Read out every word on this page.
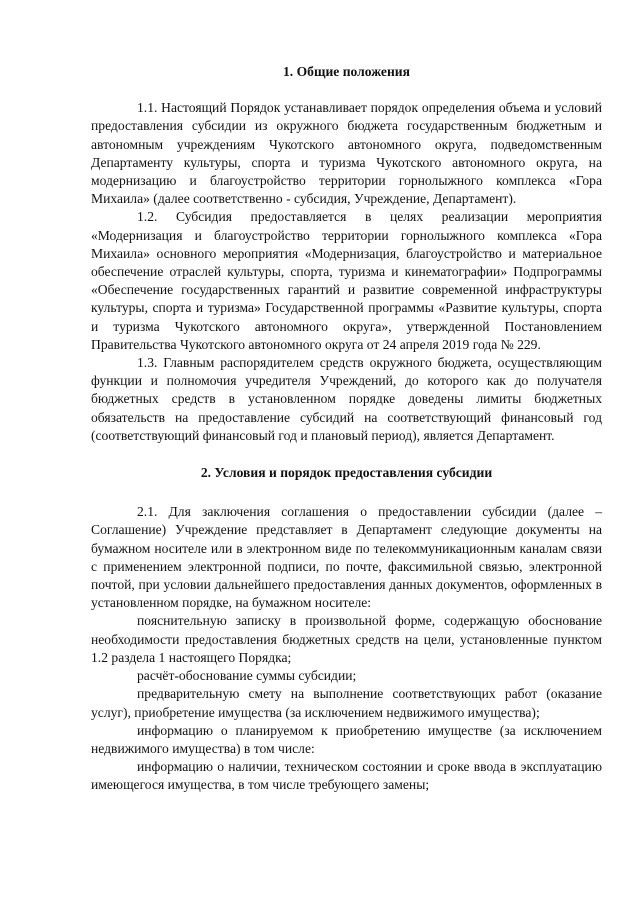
1. Общие положения

1.1. Настоящий Порядок устанавливает порядок определения объема и условий предоставления субсидии из окружного бюджета государственным бюджетным и автономным учреждениям Чукотского автономного округа, подведомственным Департаменту культуры, спорта и туризма Чукотского автономного округа, на модернизацию и благоустройство территории горнолыжного комплекса «Гора Михаила» (далее соответственно - субсидия, Учреждение, Департамент).

1.2. Субсидия предоставляется в целях реализации мероприятия «Модернизация и благоустройство территории горнолыжного комплекса «Гора Михаила» основного мероприятия «Модернизация, благоустройство и материальное обеспечение отраслей культуры, спорта, туризма и кинематографии» Подпрограммы «Обеспечение государственных гарантий и развитие современной инфраструктуры культуры, спорта и туризма» Государственной программы «Развитие культуры, спорта и туризма Чукотского автономного округа», утвержденной Постановлением Правительства Чукотского автономного округа от 24 апреля 2019 года № 229.

1.3. Главным распорядителем средств окружного бюджета, осуществляющим функции и полномочия учредителя Учреждений, до которого как до получателя бюджетных средств в установленном порядке доведены лимиты бюджетных обязательств на предоставление субсидий на соответствующий финансовый год (соответствующий финансовый год и плановый период), является Департамент.

2. Условия и порядок предоставления субсидии

2.1. Для заключения соглашения о предоставлении субсидии (далее – Соглашение) Учреждение представляет в Департамент следующие документы на бумажном носителе или в электронном виде по телекоммуникационным каналам связи с применением электронной подписи, по почте, факсимильной связью, электронной почтой, при условии дальнейшего предоставления данных документов, оформленных в установленном порядке, на бумажном носителе:

пояснительную записку в произвольной форме, содержащую обоснование необходимости предоставления бюджетных средств на цели, установленные пунктом 1.2 раздела 1 настоящего Порядка;

расчёт-обоснование суммы субсидии;

предварительную смету на выполнение соответствующих работ (оказание услуг), приобретение имущества (за исключением недвижимого имущества);

информацию о планируемом к приобретению имуществе (за исключением недвижимого имущества) в том числе:

информацию о наличии, техническом состоянии и сроке ввода в эксплуатацию имеющегося имущества, в том числе требующего замены;
